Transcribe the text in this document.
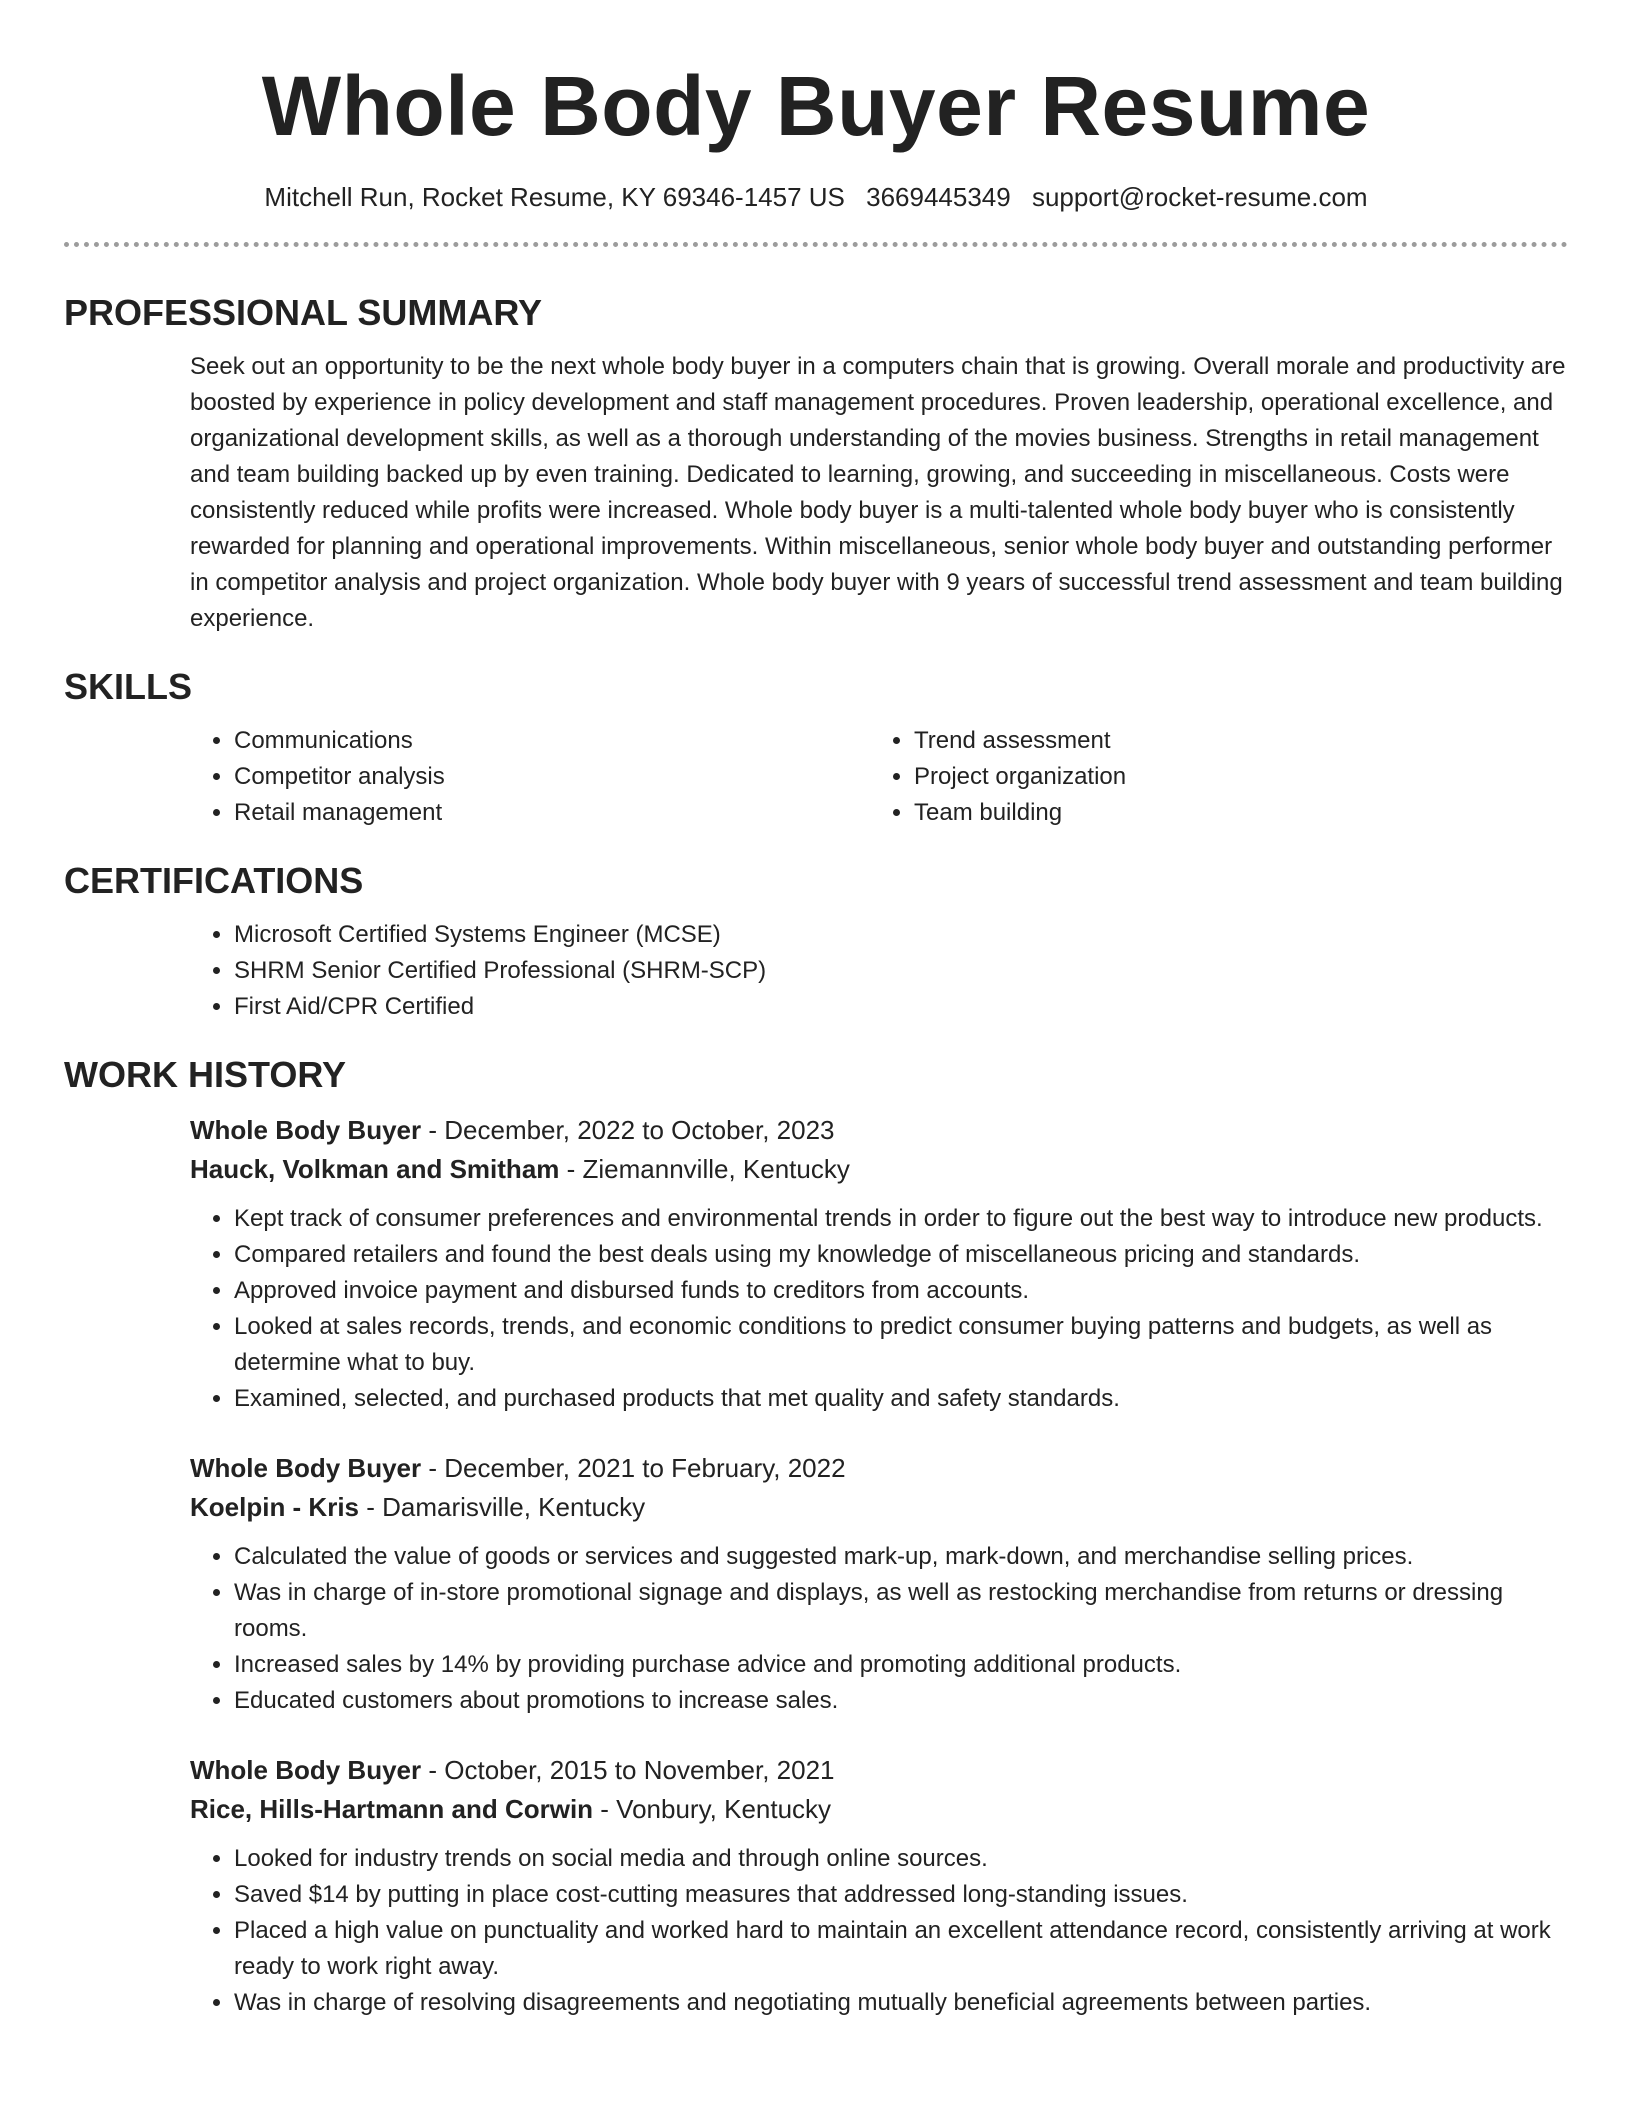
Whole Body Buyer Resume
Mitchell Run, Rocket Resume, KY 69346-1457 US 3669445349 support@rocket-resume.com
PROFESSIONAL SUMMARY

Seek out an opportunity to be the next whole body buyer in a computers chain that is growing. Overall morale and productivity are boosted by experience in policy development and staff management procedures. Proven leadership, operational excellence, and organizational development skills, as well as a thorough understanding of the movies business. Strengths in retail management and team building backed up by even training. Dedicated to learning, growing, and succeeding in miscellaneous. Costs were consistently reduced while profits were increased. Whole body buyer is a multi-talented whole body buyer who is consistently rewarded for planning and operational improvements. Within miscellaneous, senior whole body buyer and outstanding performer in competitor analysis and project organization. Whole body buyer with 9 years of successful trend assessment and team building experience.

SKILLS
• Communications
• Competitor analysis
• Retail management
• Trend assessment
• Project organization
• Team building
CERTIFICATIONS
• Microsoft Certified Systems Engineer (MCSE)
• SHRM Senior Certified Professional (SHRM-SCP)
• First Aid/CPR Certified
WORK HISTORY
Whole Body Buyer - December, 2022 to October, 2023
Hauck, Volkman and Smitham - Ziemannville, Kentucky
• Kept track of consumer preferences and environmental trends in order to figure out the best way to introduce new products.
• Compared retailers and found the best deals using my knowledge of miscellaneous pricing and standards.
• Approved invoice payment and disbursed funds to creditors from accounts.
• Looked at sales records, trends, and economic conditions to predict consumer buying patterns and budgets, as well as determine what to buy.
• Examined, selected, and purchased products that met quality and safety standards.
Whole Body Buyer - December, 2021 to February, 2022
Koelpin - Kris - Damarisville, Kentucky
• Calculated the value of goods or services and suggested mark-up, mark-down, and merchandise selling prices.
• Was in charge of in-store promotional signage and displays, as well as restocking merchandise from returns or dressing rooms.
• Increased sales by 14% by providing purchase advice and promoting additional products.
• Educated customers about promotions to increase sales.
Whole Body Buyer - October, 2015 to November, 2021
Rice, Hills-Hartmann and Corwin - Vonbury, Kentucky
• Looked for industry trends on social media and through online sources.
• Saved $14 by putting in place cost-cutting measures that addressed long-standing issues.
• Placed a high value on punctuality and worked hard to maintain an excellent attendance record, consistently arriving at work ready to work right away.
• Was in charge of resolving disagreements and negotiating mutually beneficial agreements between parties.
